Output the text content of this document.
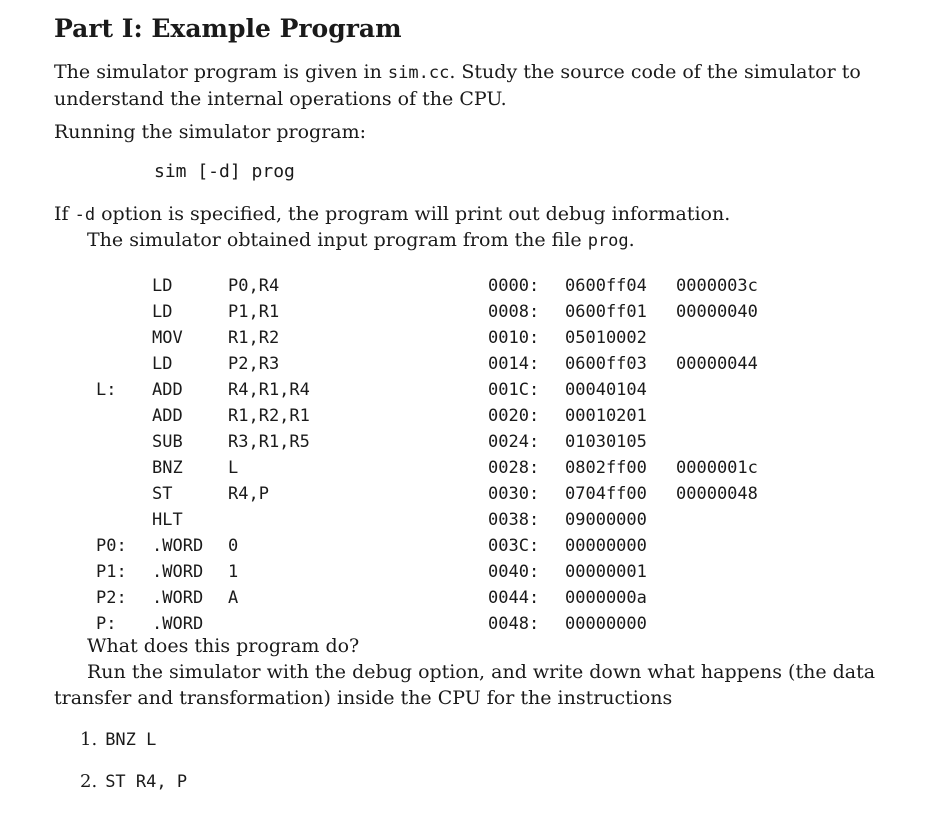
Part I: Example Program

The simulator program is given in sim.cc. Study the source code of the simulator to understand the internal operations of the CPU.

Running the simulator program:

sim [-d] prog

If -d option is specified, the program will print out debug information.

The simulator obtained input program from the file prog.

LD	P0,R4	0000: 0600ff04 0000003c
LD	P1,R1	0008: 0600ff01 00000040
MOV	R1,R2	0010: 05010002
LD	P2,R3	0014: 0600ff03 00000044
L: ADD	R4,R1,R4	001C: 00040104
ADD	R1,R2,R1	0020: 00010201
SUB	R3,R1,R5	0024: 01030105
BNZ	L	0028: 0802ff00 0000001c
ST	R4,P	0030: 0704ff00 00000048
HLT	0038: 09000000
P0: .WORD 0	003C: 00000000
P1: .WORD 1	0040: 00000001
P2: .WORD A	0044: 0000000a
P: .WORD	0048: 00000000

What does this program do?

Run the simulator with the debug option, and write down what happens (the data transfer and transformation) inside the CPU for the instructions

1. BNZ L
2. ST R4, P
